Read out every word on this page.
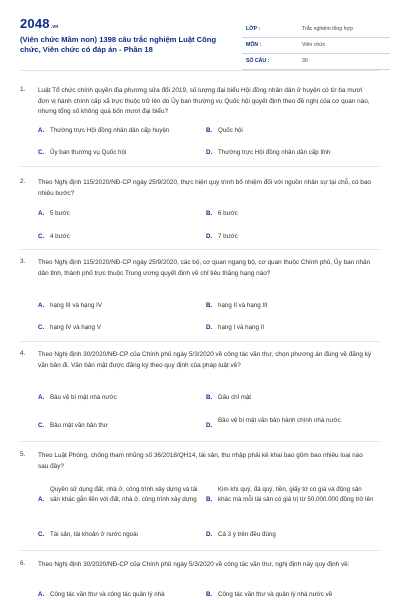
2048.vn
(Viên chức Mầm non) 1398 câu trắc nghiệm Luật Công chức, Viên chức có đáp án - Phần 18
LỚP :	Trắc nghiệm tổng hợp
MÔN :	Viên chức
SỐ CÂU :	30
1. Luật Tổ chức chính quyền địa phương sửa đổi 2019, số lượng đại biểu Hội đồng nhân dân ở huyện có từ ba mươi đơn vị hành chính cấp xã trực thuộc trở lên do Ủy ban thường vụ Quốc hội quyết định theo đề nghị của cơ quan nào, nhưng tổng số không quá bốn mươi đại biểu?
A. Thường trực Hội đồng nhân dân cấp huyện	B. Quốc hội
C. Ủy ban thường vụ Quốc hội	D. Thường trực Hội đồng nhân dân cấp tỉnh
2. Theo Nghị định 115/2020/NĐ-CP ngày 25/9/2020, thực hiện quy trình bổ nhiệm đối với nguồn nhân sự tại chỗ, có bao nhiêu bước?
A. 5 bước	B. 6 bước
C. 4 bước	D. 7 bước
3. Theo Nghị định 115/2020/NĐ-CP ngày 25/9/2020, các bộ, cơ quan ngang bộ, cơ quan thuộc Chính phủ, Ủy ban nhân dân tỉnh, thành phố trực thuộc Trung ương quyết định về chỉ tiêu thăng hạng nào?
A. hạng III và hạng IV	B. hạng II và hạng III
C. hạng IV và hạng V	D. hạng I và hạng II
4. Theo Nghị định 30/2020/NĐ-CP của Chính phủ ngày 5/3/2020 về công tác văn thư, chọn phương án đúng về đăng ký văn bản đi. Văn bản mật được đăng ký theo quy định của pháp luật về?
A. Bảo vệ bí mật nhà nước	B. Dấu chỉ mật
C. Bảo mật văn bản thư	D.
Bảo vệ bí mật văn bản hành chính nhà nước
5. Theo Luật Phòng, chống tham nhũng số 36/2018/QH14, tài sản, thu nhập phải kê khai bao gồm bao nhiêu loại nào sau đây?
A.
Quyền sử dụng đất, nhà ở, công trình xây dựng và tài sản khác gắn liền với đất, nhà ở, công trình xây dựng	B.
Kim khí quý, đá quý, tiền, giấy tờ có giá và động sản khác mà mỗi tài sản có giá trị từ 50.000.000 đồng trở lên
C. Tài sản, tài khoản ở nước ngoài	D. Cả 3 ý trên đều đúng
6. Theo Nghị định 30/2020/NĐ-CP của Chính phủ ngày 5/3/2020 về công tác văn thư, nghị định này quy định về:
A. Công tác văn thư và công tác quản lý nhà	B. Công tác văn thư và quản lý nhà nước về
